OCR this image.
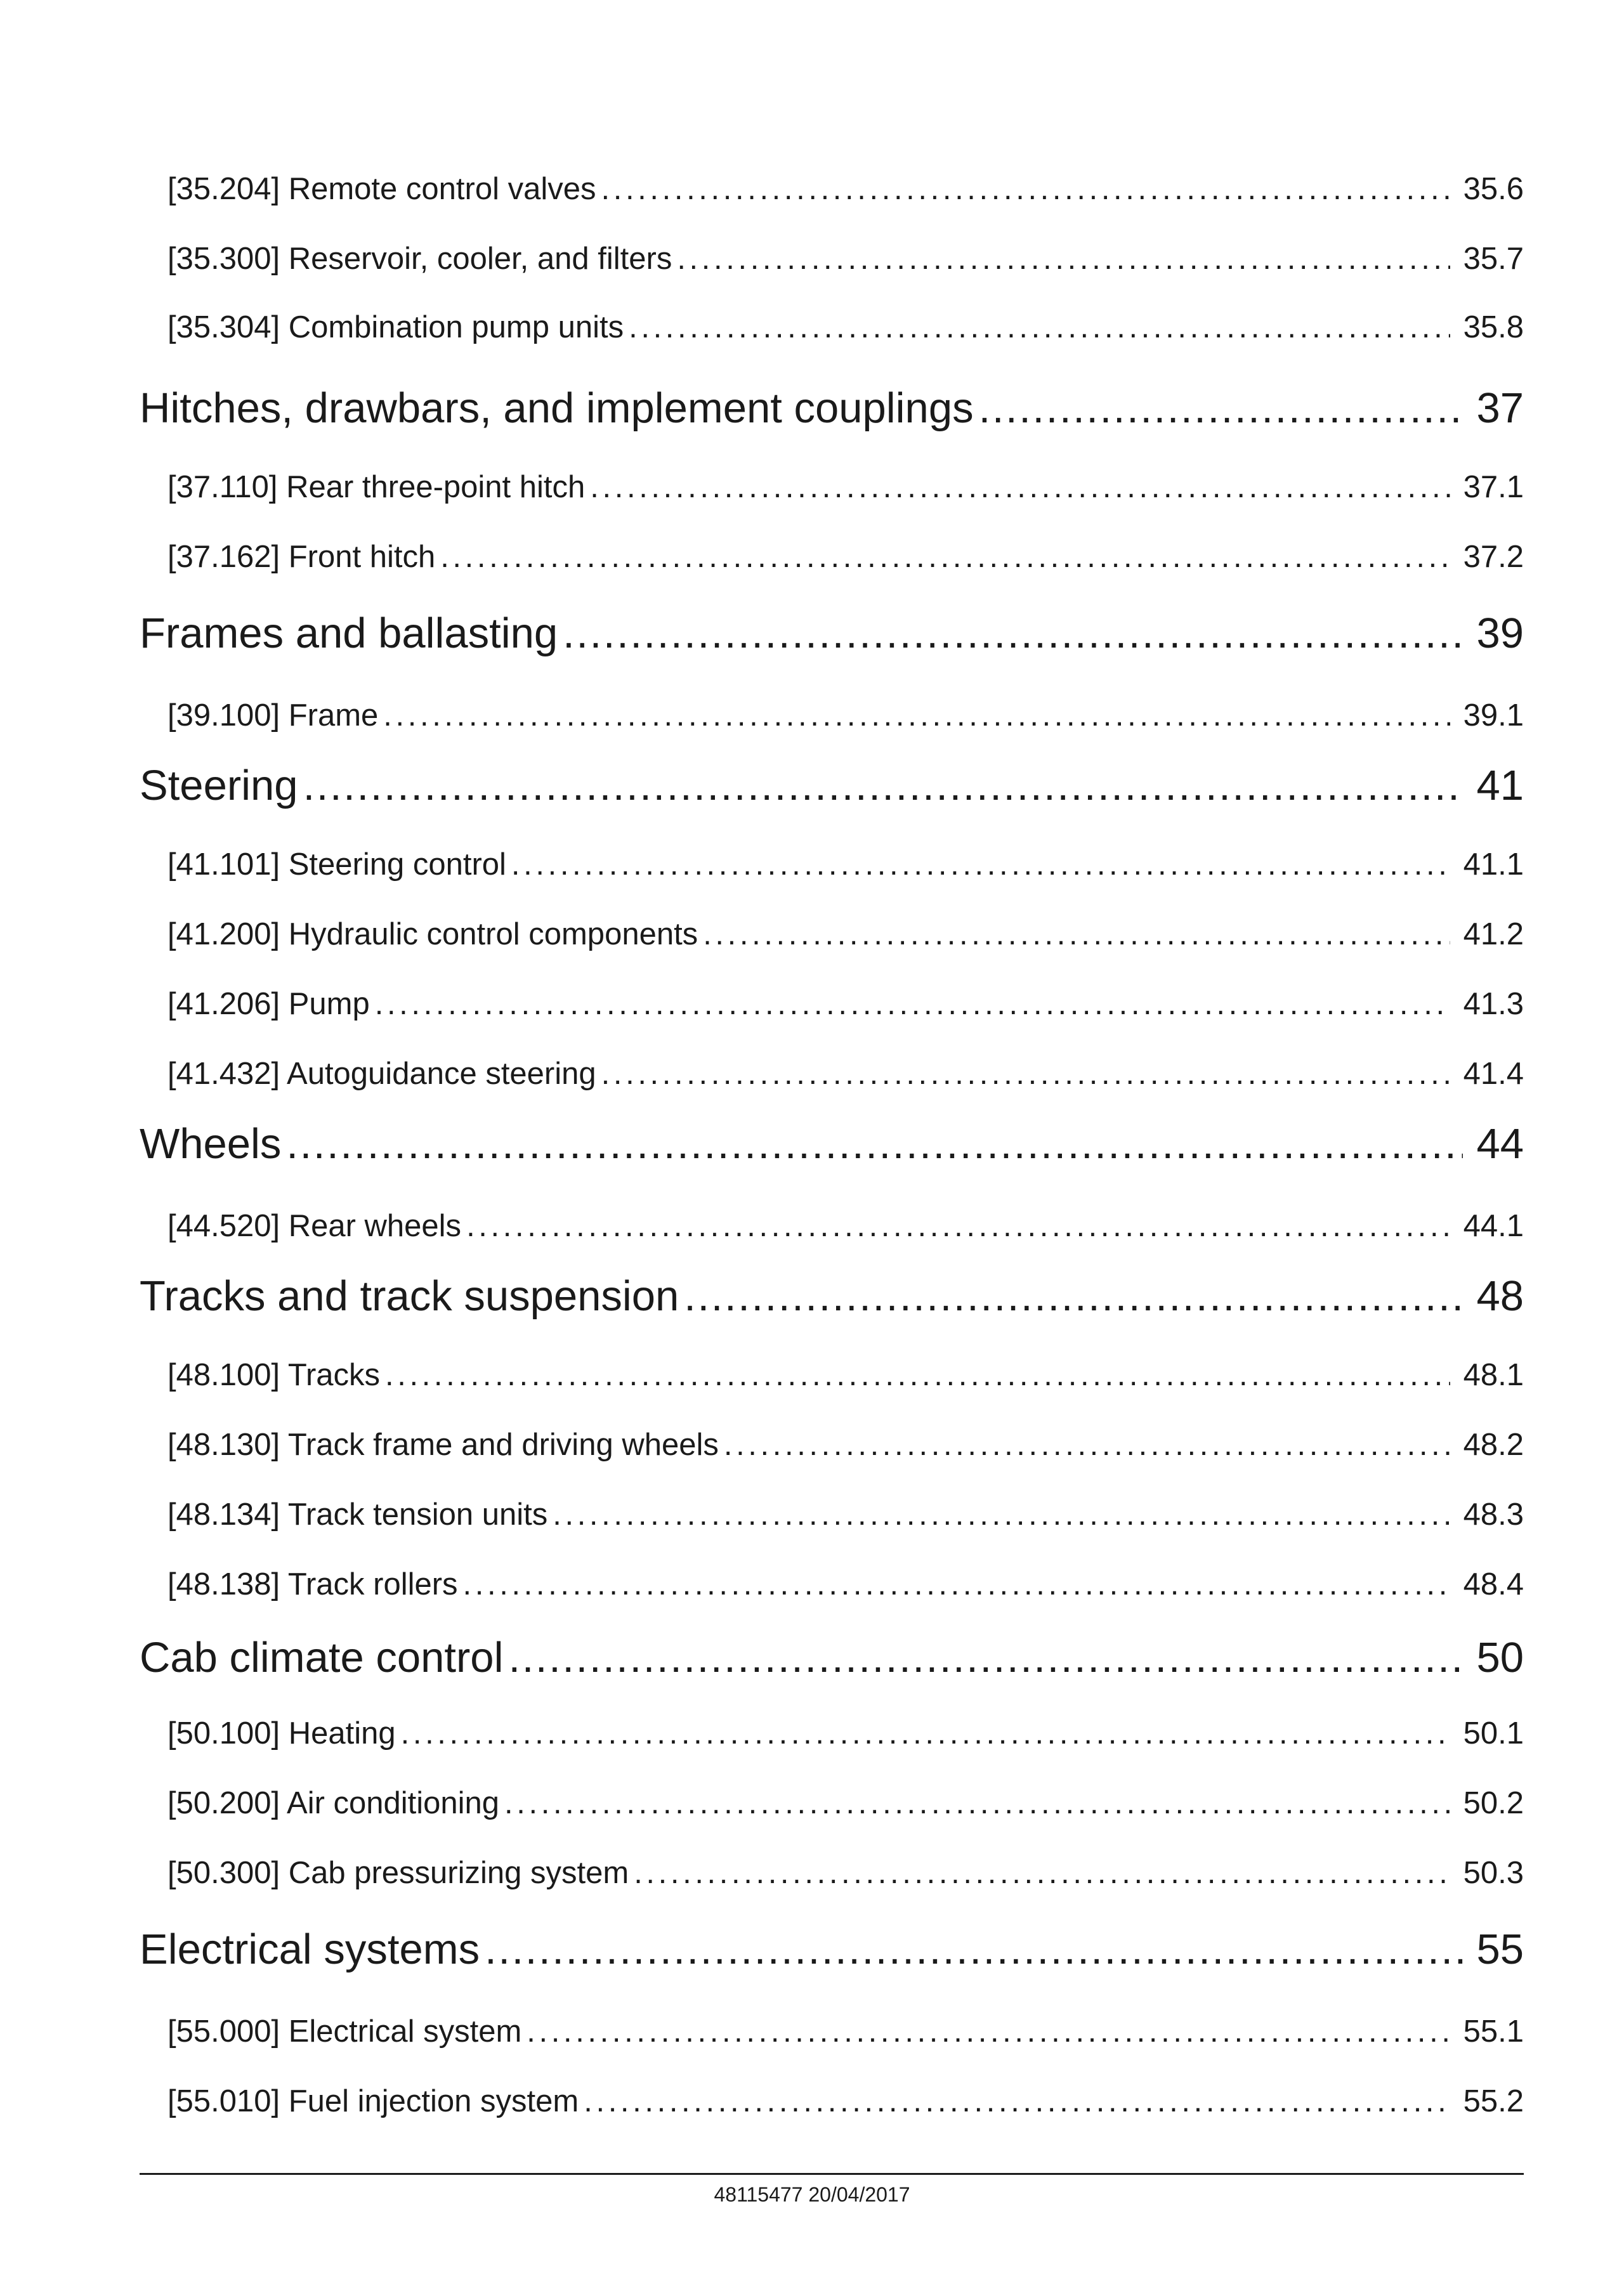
[35.204] Remote control valves . . .	35.6
[35.300] Reservoir, cooler, and filters . . .	35.7
[35.304] Combination pump units . . .	35.8
Hitches, drawbars, and implement couplings . . .	37
[37.110] Rear three-point hitch . . .	37.1
[37.162] Front hitch . . .	37.2
Frames and ballasting . . .	39
[39.100] Frame . . .	39.1
Steering . . .	41
[41.101] Steering control . . .	41.1
[41.200] Hydraulic control components . . .	41.2
[41.206] Pump . . .	41.3
[41.432] Autoguidance steering . . .	41.4
Wheels . . .	44
[44.520] Rear wheels . . .	44.1
Tracks and track suspension . . .	48
[48.100] Tracks . . .	48.1
[48.130] Track frame and driving wheels . . .	48.2
[48.134] Track tension units . . .	48.3
[48.138] Track rollers . . .	48.4
Cab climate control . . .	50
[50.100] Heating . . .	50.1
[50.200] Air conditioning . . .	50.2
[50.300] Cab pressurizing system . . .	50.3
Electrical systems . . .	55
[55.000] Electrical system . . .	55.1
[55.010] Fuel injection system . . .	55.2
48115477 20/04/2017
